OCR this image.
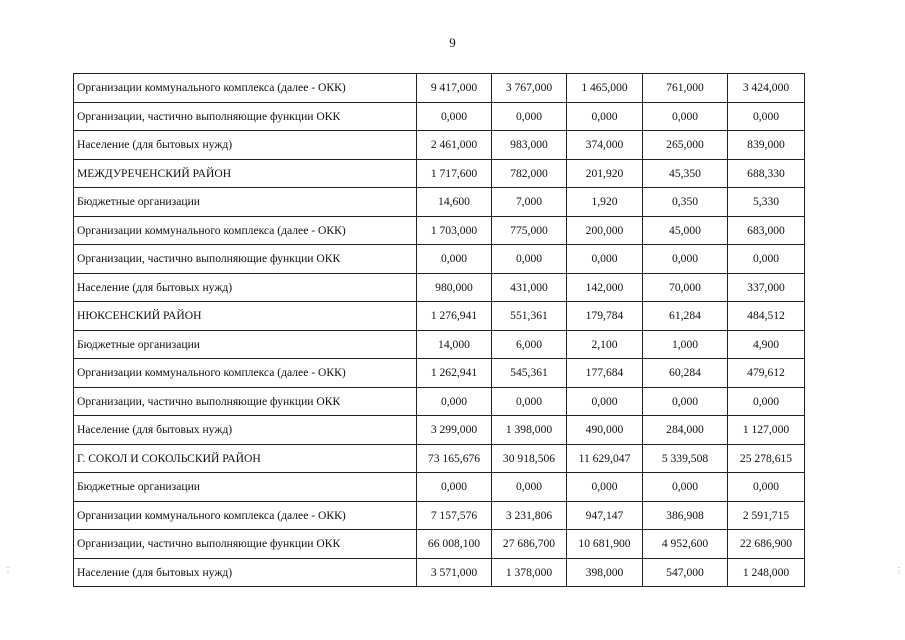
9
Организации коммунального комплекса (далее - ОКК)	9 417,000	3 767,000	1 465,000	761,000	3 424,000
Организации, частично выполняющие функции ОКК	0,000	0,000	0,000	0,000	0,000
Население (для бытовых нужд)	2 461,000	983,000	374,000	265,000	839,000
МЕЖДУРЕЧЕНСКИЙ РАЙОН	1 717,600	782,000	201,920	45,350	688,330
Бюджетные организации	14,600	7,000	1,920	0,350	5,330
Организации коммунального комплекса (далее - ОКК)	1 703,000	775,000	200,000	45,000	683,000
Организации, частично выполняющие функции ОКК	0,000	0,000	0,000	0,000	0,000
Население (для бытовых нужд)	980,000	431,000	142,000	70,000	337,000
НЮКСЕНСКИЙ РАЙОН	1 276,941	551,361	179,784	61,284	484,512
Бюджетные организации	14,000	6,000	2,100	1,000	4,900
Организации коммунального комплекса (далее - ОКК)	1 262,941	545,361	177,684	60,284	479,612
Организации, частично выполняющие функции ОКК	0,000	0,000	0,000	0,000	0,000
Население (для бытовых нужд)	3 299,000	1 398,000	490,000	284,000	1 127,000
Г. СОКОЛ И СОКОЛЬСКИЙ РАЙОН	73 165,676	30 918,506	11 629,047	5 339,508	25 278,615
Бюджетные организации	0,000	0,000	0,000	0,000	0,000
Организации коммунального комплекса (далее - ОКК)	7 157,576	3 231,806	947,147	386,908	2 591,715
Организации, частично выполняющие функции ОКК	66 008,100	27 686,700	10 681,900	4 952,600	22 686,900
Население (для бытовых нужд)	3 571,000	1 378,000	398,000	547,000	1 248,000
⋮	⋮
